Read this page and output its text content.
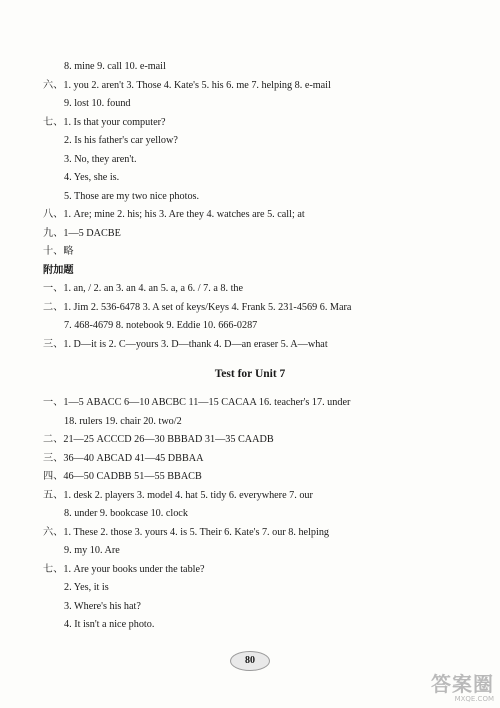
8. mine 9. call 10. e-mail
六、1. you 2. aren't 3. Those 4. Kate's 5. his 6. me 7. helping 8. e-mail
9. lost 10. found
七、1. Is that your computer?
2. Is his father's car yellow?
3. No, they aren't.
4. Yes, she is.
5. Those are my two nice photos.
八、1. Are; mine 2. his; his 3. Are they 4. watches are 5. call; at
九、1—5 DACBE
十、略
附加题
一、1. an, / 2. an 3. an 4. an 5. a, a 6. / 7. a 8. the
二、1. Jim 2. 536-6478 3. A set of keys/Keys 4. Frank 5. 231-4569 6. Mara
7. 468-4679 8. notebook 9. Eddie 10. 666-0287
三、1. D—it is 2. C—yours 3. D—thank 4. D—an eraser 5. A—what
Test for Unit 7
一、1—5 ABACC 6—10 ABCBC 11—15 CACAA 16. teacher's 17. under
18. rulers 19. chair 20. two/2
二、21—25 ACCCD 26—30 BBBAD 31—35 CAADB
三、36—40 ABCAD 41—45 DBBAA
四、46—50 CADBB 51—55 BBACB
五、1. desk 2. players 3. model 4. hat 5. tidy 6. everywhere 7. our
8. under 9. bookcase 10. clock
六、1. These 2. those 3. yours 4. is 5. Their 6. Kate's 7. our 8. helping
9. my 10. Are
七、1. Are your books under the table?
2. Yes, it is
3. Where's his hat?
4. It isn't a nice photo.
80
答案圈
MXQE.COM
